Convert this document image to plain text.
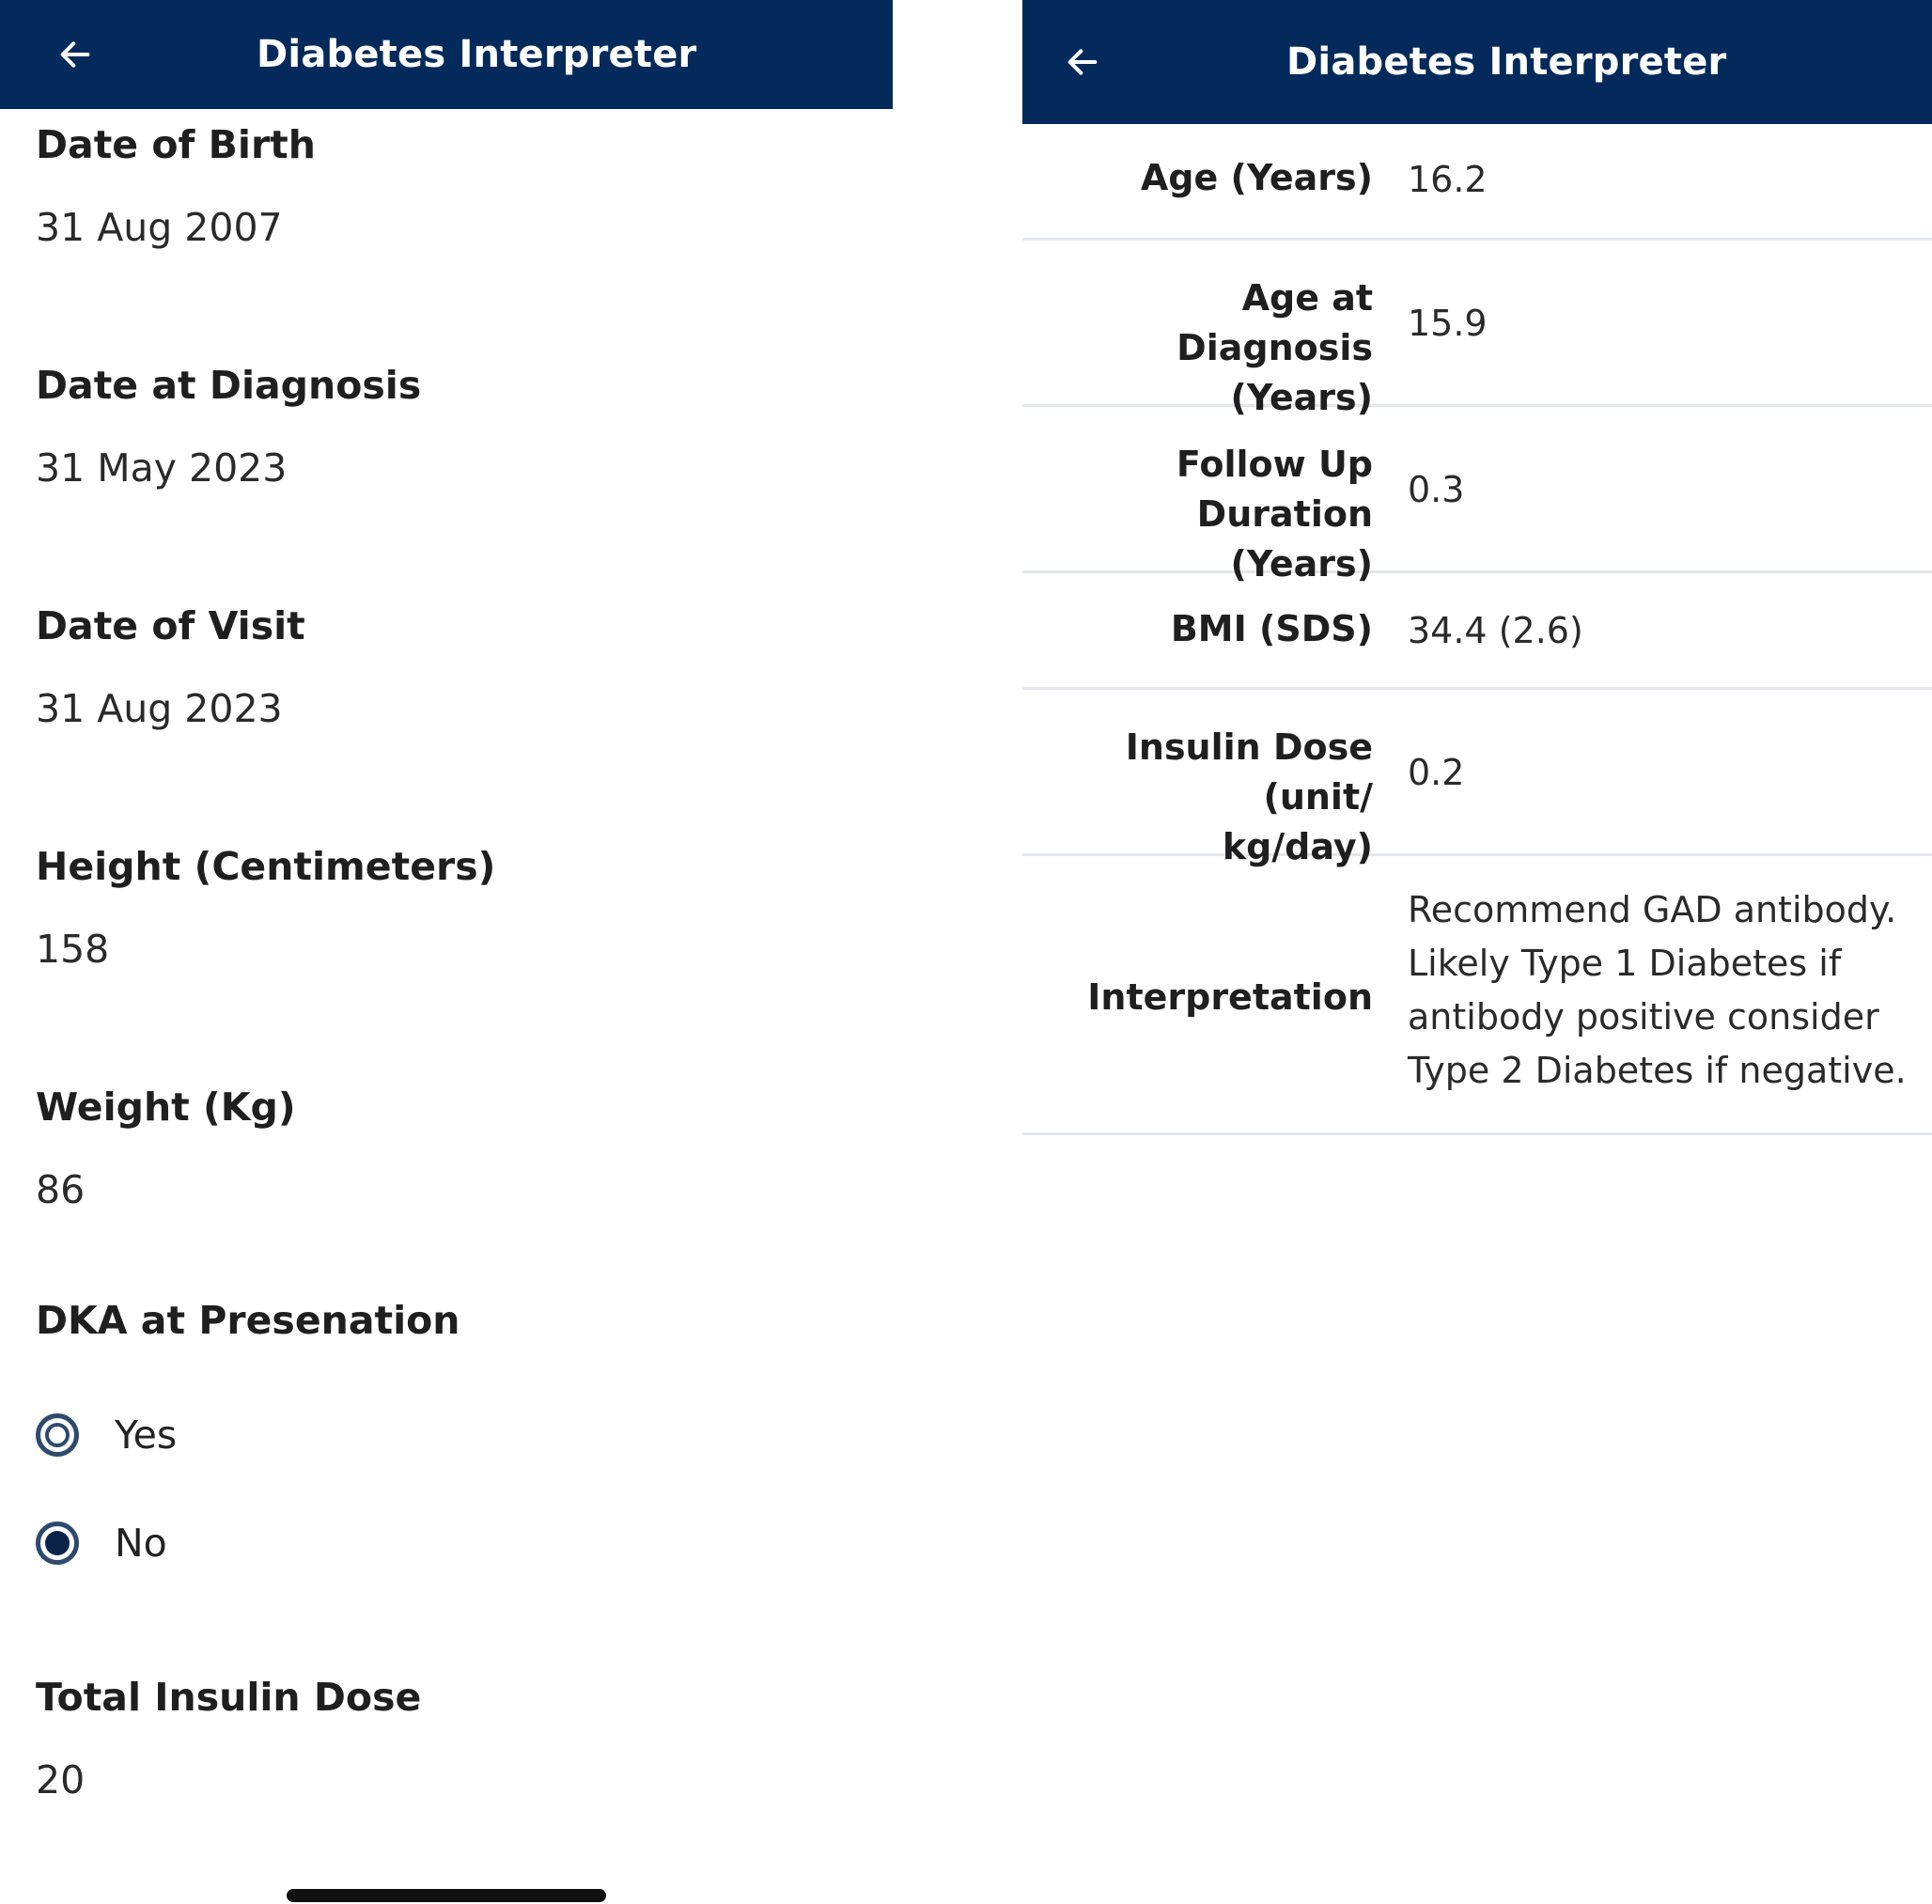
Diabetes Interpreter
Date of Birth
31 Aug 2007
Date at Diagnosis
31 May 2023
Date of Visit
31 Aug 2023
Height (Centimeters)
158
Weight (Kg)
86
DKA at Presenation
Yes
No
Total Insulin Dose
20
Diabetes Interpreter
Age (Years) 16.2
Age at Diagnosis
(Years)
15.9
Follow Up Duration
(Years)
0.3
BMI (SDS) 34.4 (2.6)
Insulin Dose (unit/
kg/day)
0.2
Interpretation
Recommend GAD antibody.
Likely Type 1 Diabetes if
antibody positive consider
Type 2 Diabetes if negative.
